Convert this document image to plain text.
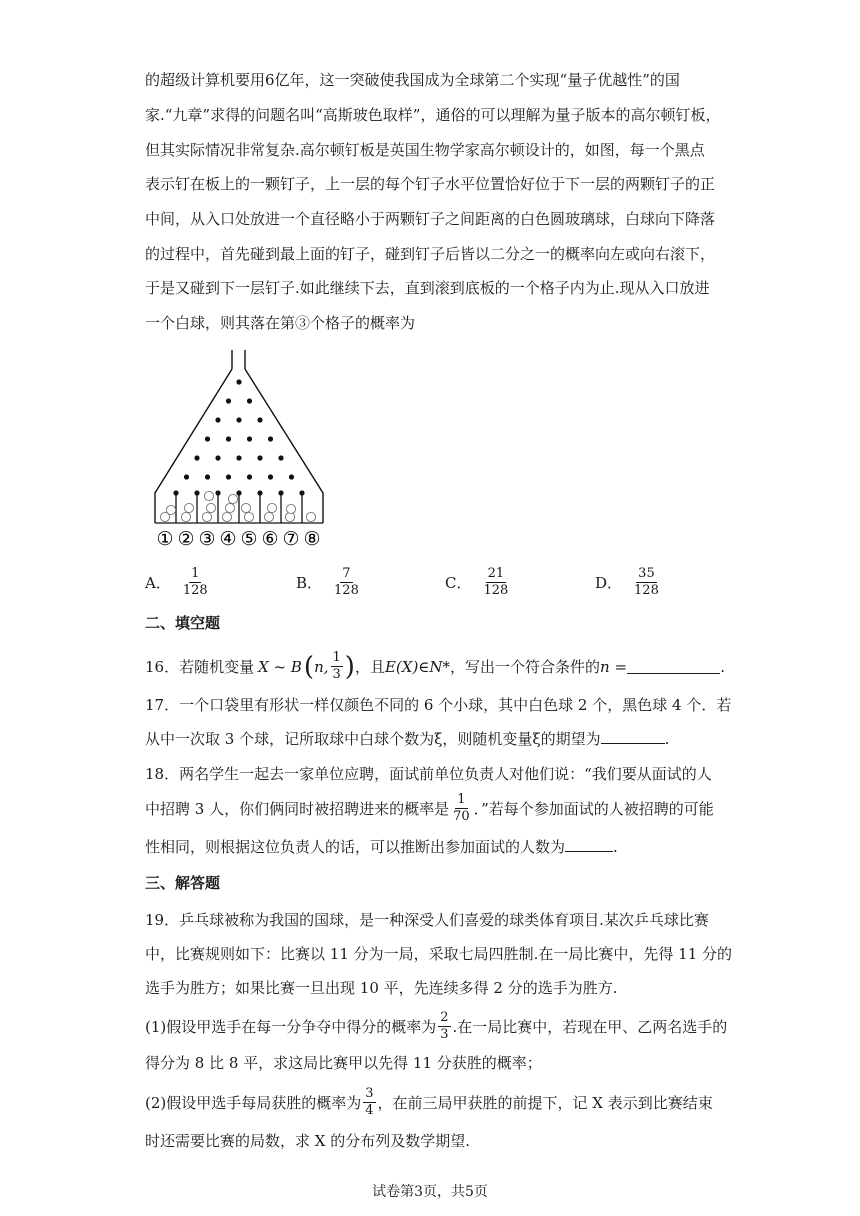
的超级计算机要用6亿年，这一突破使我国成为全球第二个实现“量子优越性”的国
家.“九章”求得的问题名叫“高斯玻色取样”，通俗的可以理解为量子版本的高尔顿钉板，
但其实际情况非常复杂.高尔顿钉板是英国生物学家高尔顿设计的，如图，每一个黑点
表示钉在板上的一颗钉子，上一层的每个钉子水平位置恰好位于下一层的两颗钉子的正
中间，从入口处放进一个直径略小于两颗钉子之间距离的白色圆玻璃球，白球向下降落
的过程中，首先碰到最上面的钉子，碰到钉子后皆以二分之一的概率向左或向右滚下，
于是又碰到下一层钉子.如此继续下去，直到滚到底板的一个格子内为止.现从入口放进
一个白球，则其落在第③个格子的概率为
① ② ③ ④ ⑤ ⑥ ⑦ ⑧
A． $\frac{1}{128}$	B． $\frac{7}{128}$	C． $\frac{21}{128}$	D． $\frac{35}{128}$
二、填空题
16． 若随机变量 X ~ B ( n, $\frac{1}{3}$ ) ，且 E(X)∈N* ，写出一个符合条件的 n =	.
17．一个口袋里有形状一样仅颜色不同的 6 个小球，其中白色球 2 个，黑色球 4 个．若
从中一次取 3 个球，记所取球中白球个数为ξ，则随机变量ξ的期望为	.
18．两名学生一起去一家单位应聘，面试前单位负责人对他们说：“我们要从面试的人
中招聘 3 人，你们俩同时被招聘进来的概率是 $\frac{1}{70}$ ．”若每个参加面试的人被招聘的可能
性相同，则根据这位负责人的话，可以推断出参加面试的人数为	.
三、解答题
19．乒乓球被称为我国的国球，是一种深受人们喜爱的球类体育项目.某次乒乓球比赛
中，比赛规则如下：比赛以 11 分为一局，采取七局四胜制.在一局比赛中，先得 11 分的
选手为胜方；如果比赛一旦出现 10 平，先连续多得 2 分的选手为胜方.
(1)假设甲选手在每一分争夺中得分的概率为 $\frac{2}{3}$ .在一局比赛中，若现在甲、乙两名选手的
得分为 8 比 8 平，求这局比赛甲以先得 11 分获胜的概率；
(2)假设甲选手每局获胜的概率为 $\frac{3}{4}$ ，在前三局甲获胜的前提下，记 X 表示到比赛结束
时还需要比赛的局数，求 X 的分布列及数学期望.
试卷第3页，共5页
